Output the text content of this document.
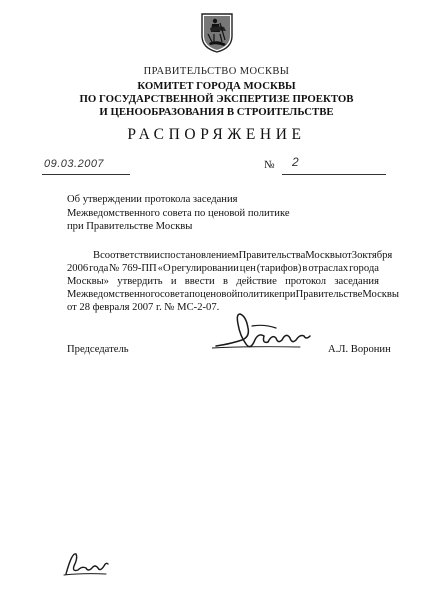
ПРАВИТЕЛЬСТВО МОСКВЫ
КОМИТЕТ ГОРОДА МОСКВЫ
ПО ГОСУДАРСТВЕННОЙ ЭКСПЕРТИЗЕ ПРОЕКТОВ
И ЦЕНООБРАЗОВАНИЯ В СТРОИТЕЛЬСТВЕ
РАСПОРЯЖЕНИЕ
09.03.2007	№ 2
Об утверждении протокола заседания
Межведомственного совета по ценовой политике
при Правительстве Москвы
В соответствии с постановлением Правительства Москвы от 3 октября
2006 года № 769-ПП «О регулировании цен (тарифов) в отраслах города
Москвы» утвердить и ввести в действие протокол заседания
Межведомственного совета по ценовой политике при Правительстве Москвы
от 28 февраля 2007 г. № МС-2-07.
Председатель	А.Л. Воронин
